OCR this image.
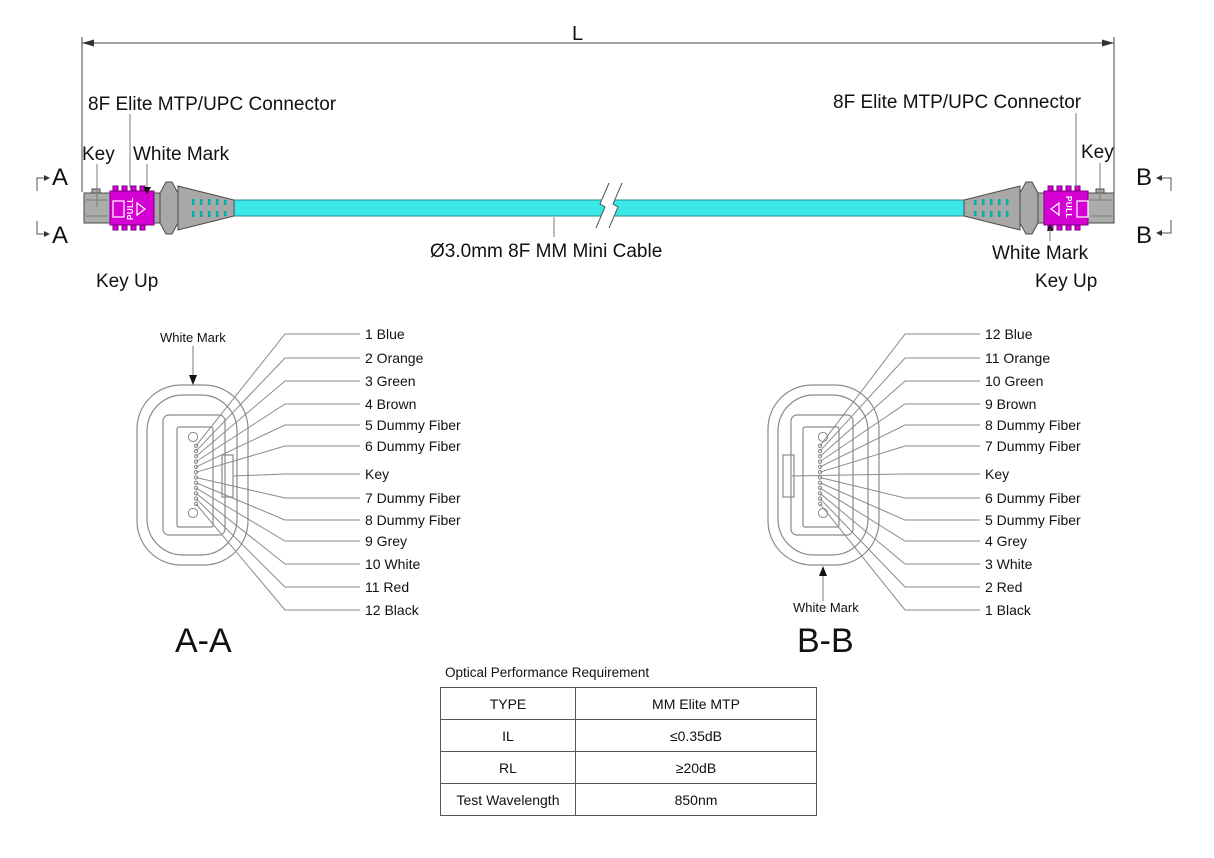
L
PULL	PULL
8F Elite MTP/UPC Connector
Key White Mark
Key Up
8F Elite MTP/UPC Connector
Key
White Mark
Key Up
Ø3.0mm 8F MM Mini Cable
A
A
B
B
White Mark
A-A
1 Blue
2 Orange
3 Green
4 Brown
5 Dummy Fiber
6 Dummy Fiber
Key
7 Dummy Fiber
8 Dummy Fiber
9 Grey
10 White
11 Red
12 Black	White Mark
B-B
12 Blue
11 Orange
10 Green
9 Brown
8 Dummy Fiber
7 Dummy Fiber
Key
6 Dummy Fiber
5 Dummy Fiber
4 Grey
3 White
2 Red
1 Black
Optical Performance Requirement
TYPE	MM Elite MTP
IL	≤0.35dB
RL	≥20dB
Test Wavelength	850nm
